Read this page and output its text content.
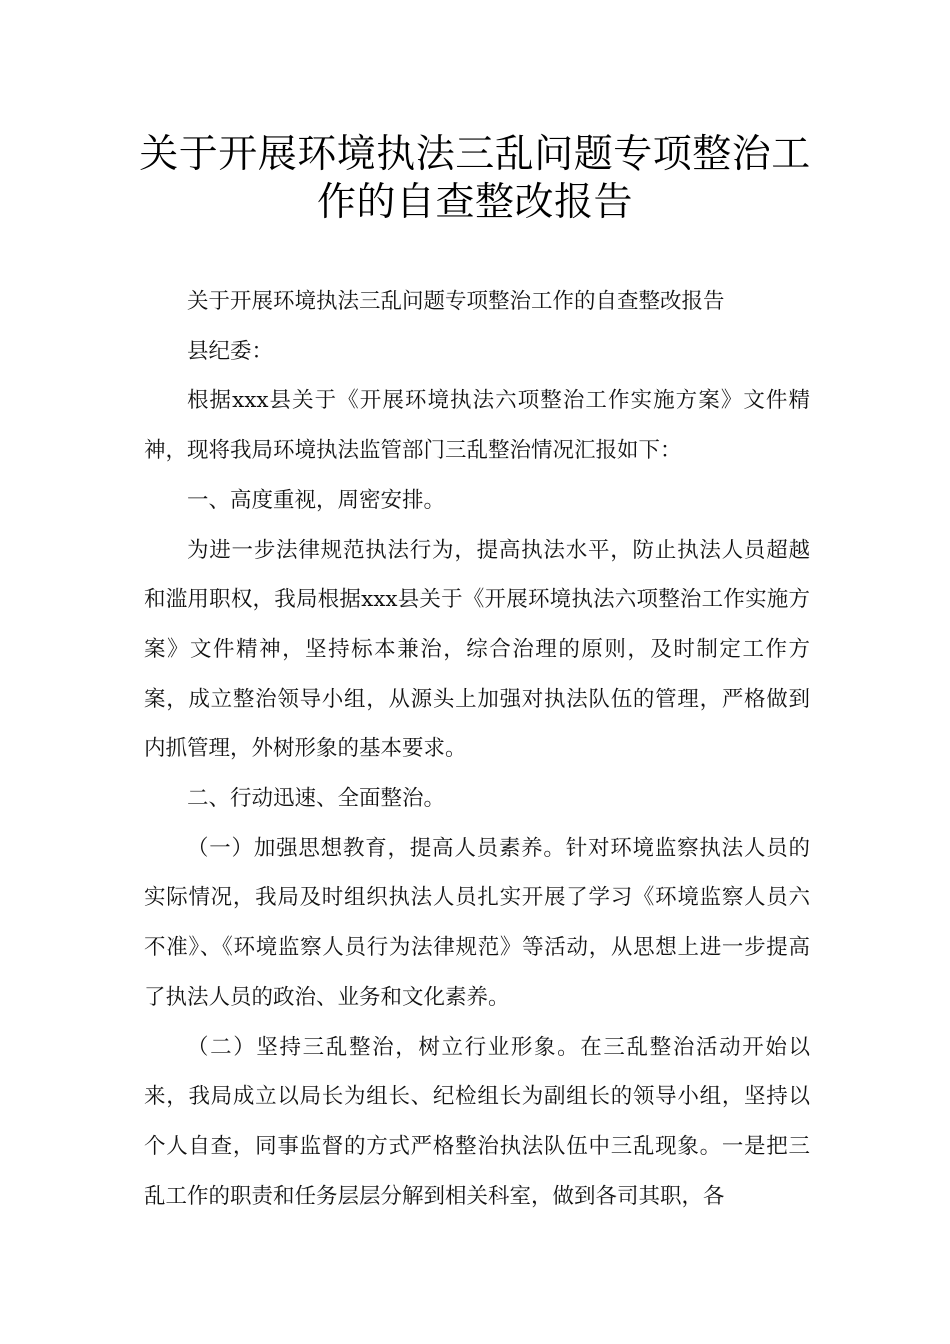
关于开展环境执法三乱问题专项整治工
作的自查整改报告

关于开展环境执法三乱问题专项整治工作的自查整改报告

县纪委：

根据xxx县关于《开展环境执法六项整治工作实施方案》文件精神，现将我局环境执法监管部门三乱整治情况汇报如下：

一、高度重视，周密安排。

为进一步法律规范执法行为，提高执法水平，防止执法人员超越和滥用职权，我局根据xxx县关于《开展环境执法六项整治工作实施方案》文件精神，坚持标本兼治，综合治理的原则，及时制定工作方案，成立整治领导小组，从源头上加强对执法队伍的管理，严格做到内抓管理，外树形象的基本要求。

二、行动迅速、全面整治。

（一）加强思想教育，提高人员素养。针对环境监察执法人员的实际情况，我局及时组织执法人员扎实开展了学习《环境监察人员六不准》、《环境监察人员行为法律规范》等活动，从思想上进一步提高了执法人员的政治、业务和文化素养。

（二）坚持三乱整治，树立行业形象。在三乱整治活动开始以来，我局成立以局长为组长、纪检组长为副组长的领导小组，坚持以个人自查，同事监督的方式严格整治执法队伍中三乱现象。一是把三乱工作的职责和任务层层分解到相关科室，做到各司其职，各
